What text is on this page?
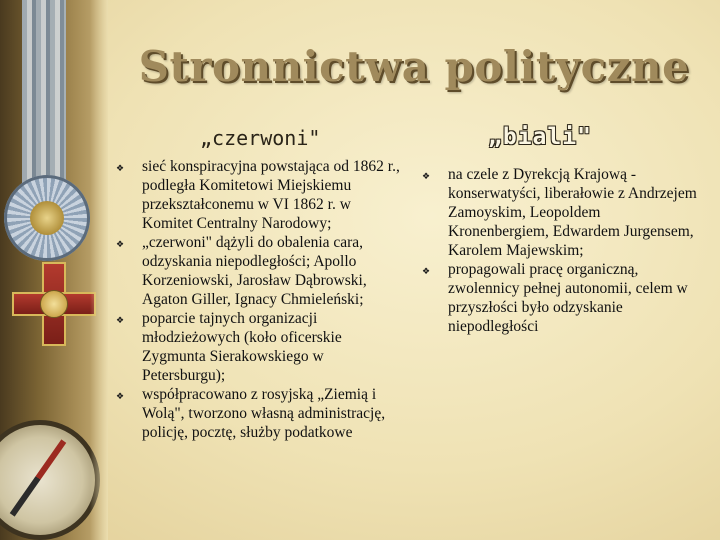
Stronnictwa polityczne
„czerwoni"	„biali"
❖ sieć konspiracyjna powstająca od 1862 r., podległa Komitetowi Miejskiemu przekształconemu w VI 1862 r. w Komitet Centralny Narodowy;
❖ „czerwoni" dążyli do obalenia cara, odzyskania niepodległości; Apollo Korzeniowski, Jarosław Dąbrowski, Agaton Giller, Ignacy Chmieleński;
❖ poparcie tajnych organizacji młodzieżowych (koło oficerskie Zygmunta Sierakowskiego w Petersburgu);
❖ współpracowano z rosyjską „Ziemią i Wolą", tworzono własną administrację, policję, pocztę, służby podatkowe
❖ na czele z Dyrekcją Krajową - konserwatyści, liberałowie z Andrzejem Zamoyskim, Leopoldem Kronenbergiem, Edwardem Jurgensem, Karolem Majewskim;
❖ propagowali pracę organiczną, zwolennicy pełnej autonomii, celem w przyszłości było odzyskanie niepodległości
